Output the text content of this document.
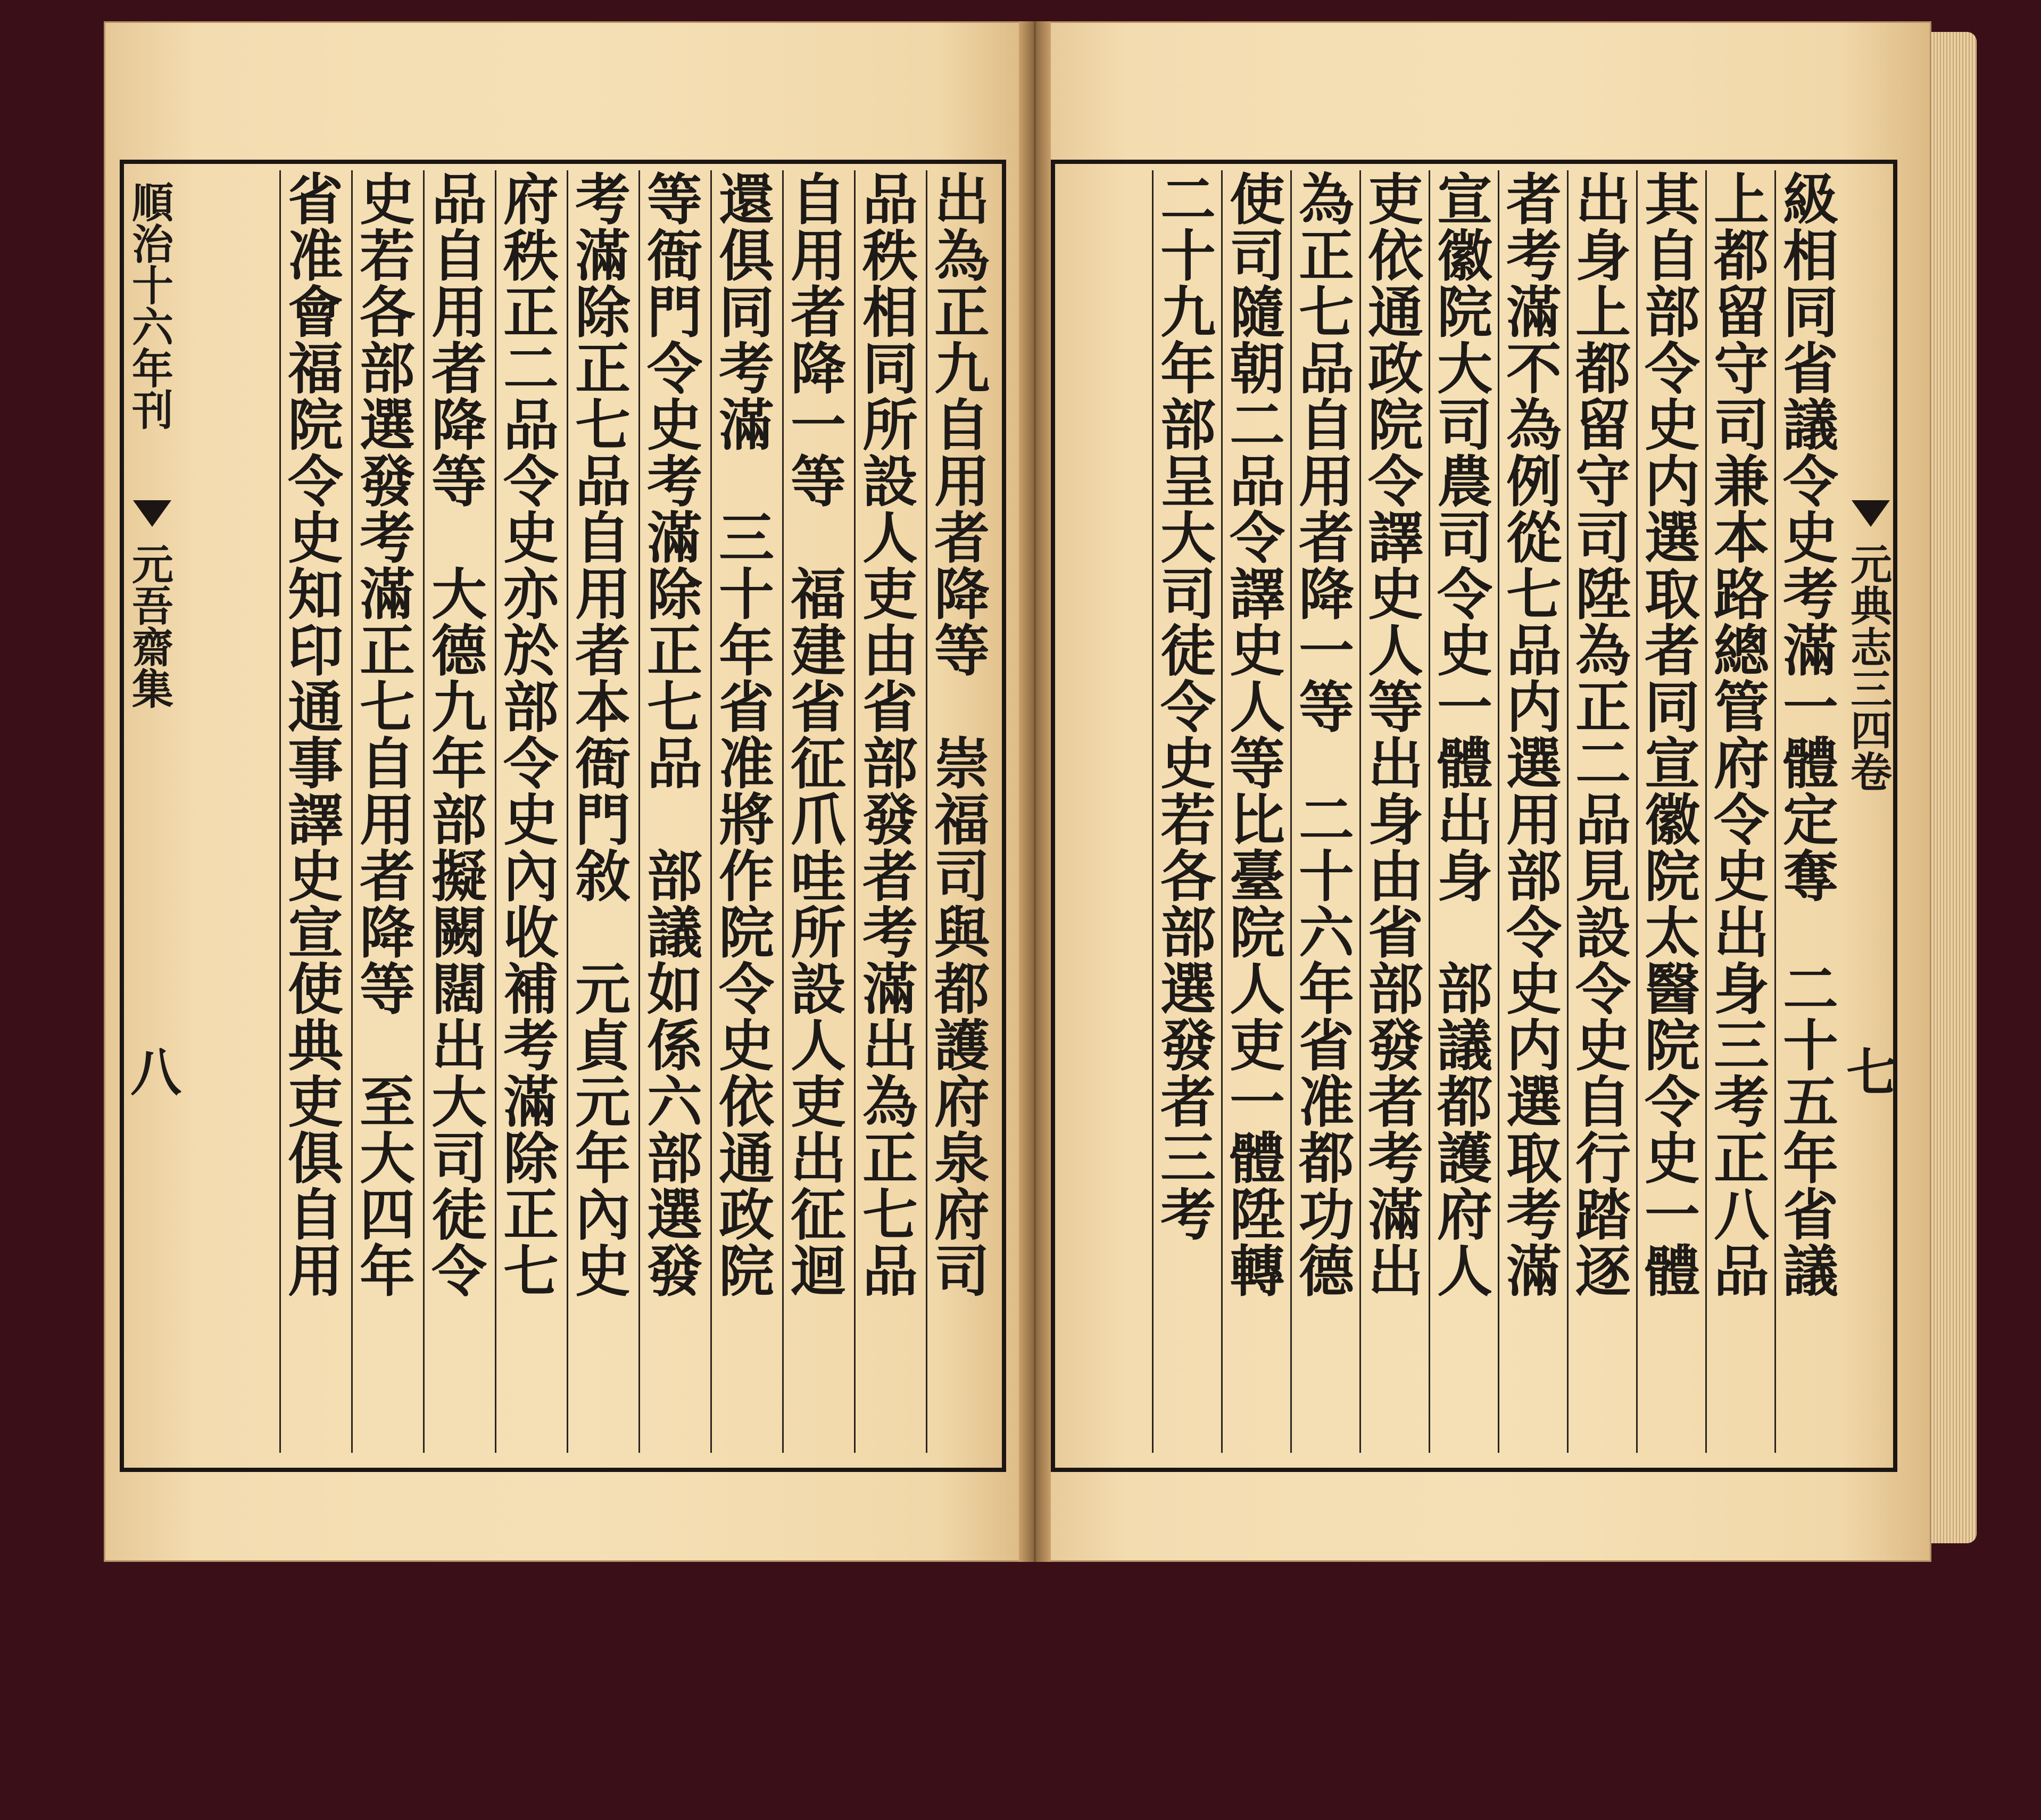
順治十六年刊
元吾齋集
八	出為正九自用者降等　崇福司與都護府泉府司
品秩相同所設人吏由省部發者考滿出為正七品
自用者降一等　福建省征爪哇所設人吏出征迴
還俱同考滿　三十年省准將作院令史依通政院
等衙門令史考滿除正七品　部議如係六部選發
考滿除正七品自用者本衙門敘　元貞元年內史
府秩正二品令史亦於部令史內收補考滿除正七
品自用者降等　大德九年部擬闕闊出大司徒令
史若各部選發考滿正七自用者降等　至大四年
省准會福院令史知印通事譯史宣使典吏俱自用	級相同省議令史考滿一體定奪　二十五年省議
上都留守司兼本路總管府令史出身三考正八品
其自部令史内選取者同宣徽院太醫院令史一體
出身上都留守司陞為正二品見設令史自行踏逐
者考滿不為例從七品内選用部令史内選取考滿
宣徽院大司農司令史一體出身　部議都護府人
吏依通政院令譯史人等出身由省部發者考滿出
為正七品自用者降一等　二十六年省准都功德
使司隨朝二品令譯史人等比臺院人吏一體陞轉
二十九年部呈大司徒令史若各部選發者三考	元典志三四卷
七
